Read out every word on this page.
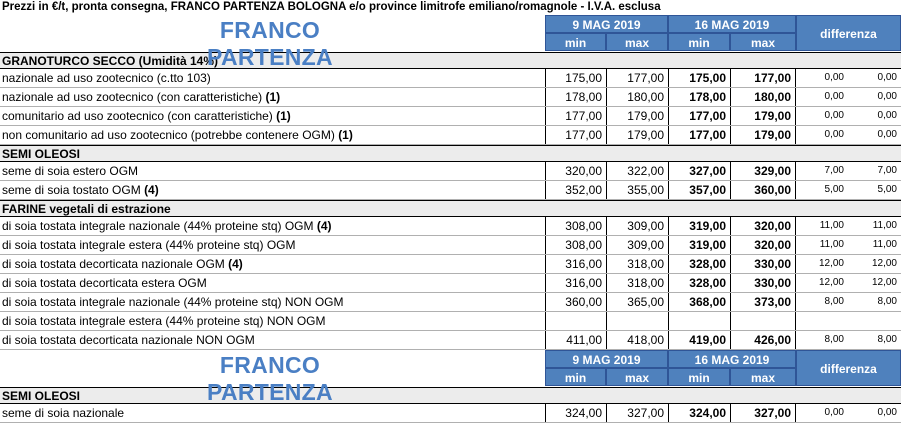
Prezzi in €/t, pronta consegna, FRANCO PARTENZA BOLOGNA e/o province limitrofe emiliano/romagnole - I.V.A. esclusa
FRANCO PARTENZA
9 MAG 2019	16 MAG 2019
min	max	min	max
differenza
GRANOTURCO SECCO (Umidità 14%)
nazionale ad uso zootecnico (c.tto 103)	175,00	177,00	175,00	177,00	0,00	0,00
nazionale ad uso zootecnico (con caratteristiche) (1)	178,00	180,00	178,00	180,00	0,00	0,00
comunitario ad uso zootecnico (con caratteristiche) (1)	177,00	179,00	177,00	179,00	0,00	0,00
non comunitario ad uso zootecnico (potrebbe contenere OGM) (1)	177,00	179,00	177,00	179,00	0,00	0,00
SEMI OLEOSI
seme di soia estero OGM	320,00	322,00	327,00	329,00	7,00	7,00
seme di soia tostato OGM (4)	352,00	355,00	357,00	360,00	5,00	5,00
FARINE vegetali di estrazione
di soia tostata integrale nazionale (44% proteine stq) OGM (4)	308,00	309,00	319,00	320,00	11,00	11,00
di soia tostata integrale estera (44% proteine stq) OGM	308,00	309,00	319,00	320,00	11,00	11,00
di soia tostata decorticata nazionale OGM (4)	316,00	318,00	328,00	330,00	12,00	12,00
di soia tostata decorticata estera OGM	316,00	318,00	328,00	330,00	12,00	12,00
di soia tostata integrale nazionale (44% proteine stq) NON OGM	360,00	365,00	368,00	373,00	8,00	8,00
di soia tostata integrale estera (44% proteine stq) NON OGM
di soia tostata decorticata nazionale NON OGM	411,00	418,00	419,00	426,00	8,00	8,00
FRANCO PARTENZA
9 MAG 2019	16 MAG 2019
min	max	min	max
differenza
SEMI OLEOSI
seme di soia nazionale	324,00	327,00	324,00	327,00	0,00	0,00
